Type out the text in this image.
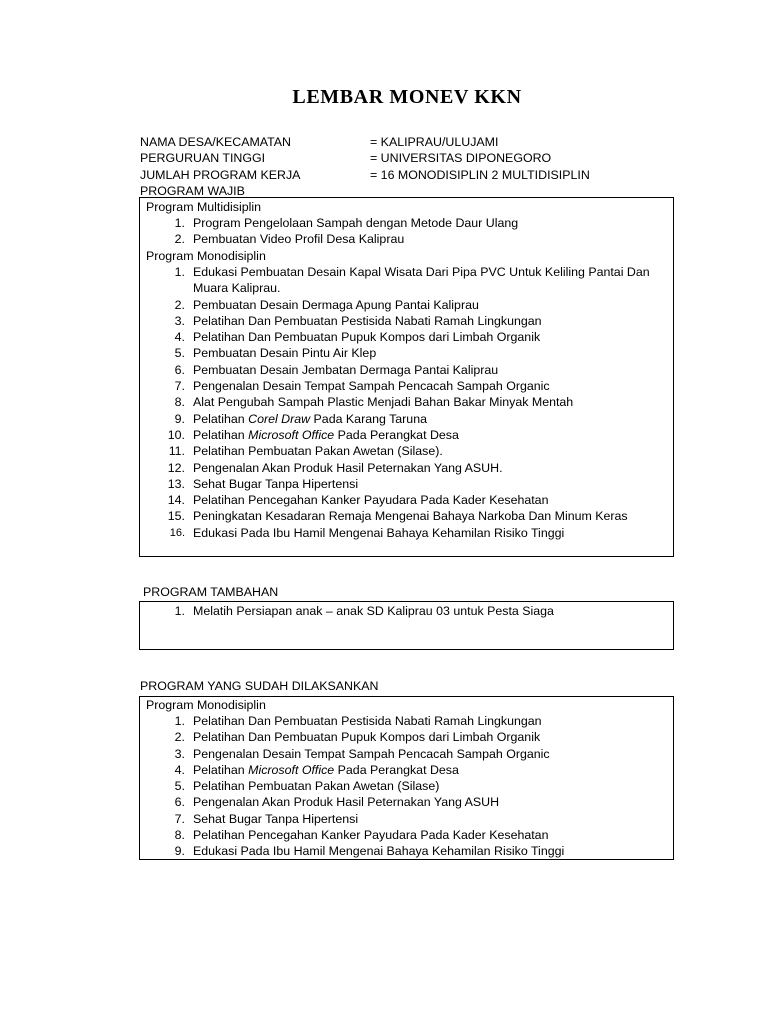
LEMBAR MONEV KKN
NAMA DESA/KECAMATAN	= KALIPRAU/ULUJAMI
PERGURUAN TINGGI	= UNIVERSITAS DIPONEGORO
JUMLAH PROGRAM KERJA	= 16 MONODISIPLIN 2 MULTIDISIPLIN
PROGRAM WAJIB
Program Multidisiplin
1. Program Pengelolaan Sampah dengan Metode Daur Ulang
2. Pembuatan Video Profil Desa Kaliprau
Program Monodisiplin
1. Edukasi Pembuatan Desain Kapal Wisata Dari Pipa PVC Untuk Keliling Pantai Dan Muara Kaliprau.
2. Pembuatan Desain Dermaga Apung Pantai Kaliprau
3. Pelatihan Dan Pembuatan Pestisida Nabati Ramah Lingkungan
4. Pelatihan Dan Pembuatan Pupuk Kompos dari Limbah Organik
5. Pembuatan Desain Pintu Air Klep
6. Pembuatan Desain Jembatan Dermaga Pantai Kaliprau
7. Pengenalan Desain Tempat Sampah Pencacah Sampah Organic
8. Alat Pengubah Sampah Plastic Menjadi Bahan Bakar Minyak Mentah
9. Pelatihan Corel Draw Pada Karang Taruna
10. Pelatihan Microsoft Office Pada Perangkat Desa
11. Pelatihan Pembuatan Pakan Awetan (Silase).
12. Pengenalan Akan Produk Hasil Peternakan Yang ASUH.
13. Sehat Bugar Tanpa Hipertensi
14. Pelatihan Pencegahan Kanker Payudara Pada Kader Kesehatan
15. Peningkatan Kesadaran Remaja Mengenai Bahaya Narkoba Dan Minum Keras
16. Edukasi Pada Ibu Hamil Mengenai Bahaya Kehamilan Risiko Tinggi
PROGRAM TAMBAHAN
1. Melatih Persiapan anak – anak SD Kaliprau 03 untuk Pesta Siaga
PROGRAM YANG SUDAH DILAKSANKAN
Program Monodisiplin
1. Pelatihan Dan Pembuatan Pestisida Nabati Ramah Lingkungan
2. Pelatihan Dan Pembuatan Pupuk Kompos dari Limbah Organik
3. Pengenalan Desain Tempat Sampah Pencacah Sampah Organic
4. Pelatihan Microsoft Office Pada Perangkat Desa
5. Pelatihan Pembuatan Pakan Awetan (Silase)
6. Pengenalan Akan Produk Hasil Peternakan Yang ASUH
7. Sehat Bugar Tanpa Hipertensi
8. Pelatihan Pencegahan Kanker Payudara Pada Kader Kesehatan
9. Edukasi Pada Ibu Hamil Mengenai Bahaya Kehamilan Risiko Tinggi
